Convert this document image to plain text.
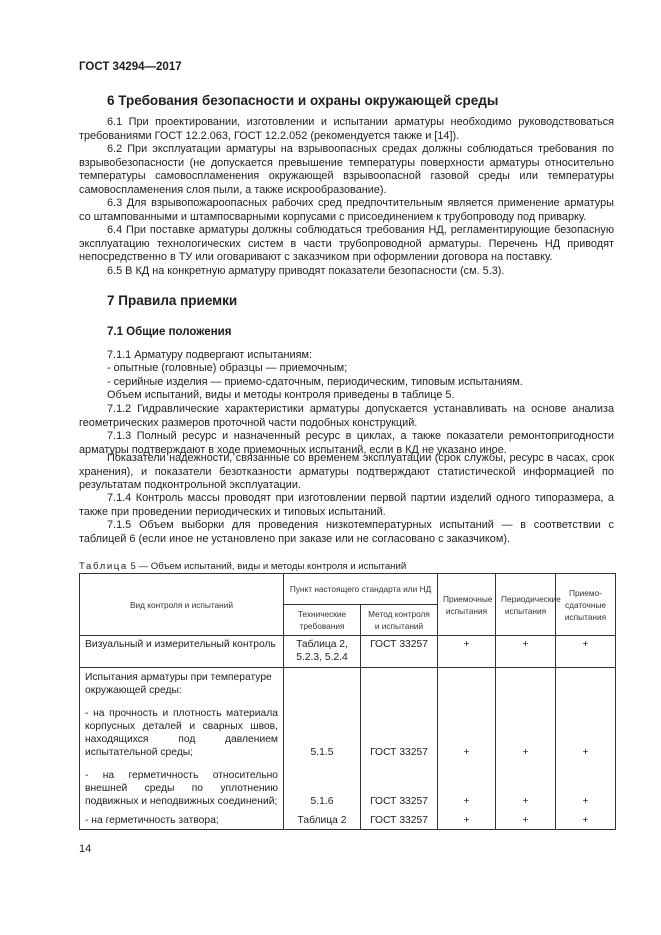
ГОСТ 34294—2017
6 Требования безопасности и охраны окружающей среды

6.1 При проектировании, изготовлении и испытании арматуры необходимо руководствоваться требованиями ГОСТ 12.2.063, ГОСТ 12.2.052 (рекомендуется также и [14]).

6.2 При эксплуатации арматуры на взрывоопасных средах должны соблюдаться требования по взрывобезопасности (не допускается превышение температуры поверхности арматуры относительно температуры самовоспламенения окружающей взрывоопасной газовой среды или температуры самовоспламенения слоя пыли, а также искрообразование).

6.3 Для взрывопожароопасных рабочих сред предпочтительным является применение арматуры со штампованными и штампосварными корпусами с присоединением к трубопроводу под приварку.

6.4 При поставке арматуры должны соблюдаться требования НД, регламентирующие безопасную эксплуатацию технологических систем в части трубопроводной арматуры. Перечень НД приводят непосредственно в ТУ или оговаривают с заказчиком при оформлении договора на поставку.

6.5 В КД на конкретную арматуру приводят показатели безопасности (см. 5.3).

7 Правила приемки
7.1 Общие положения
7.1.1 Арматуру подвергают испытаниям:
- опытные (головные) образцы — приемочным;
- серийные изделия — приемо-сдаточным, периодическим, типовым испытаниям.
Объем испытаний, виды и методы контроля приведены в таблице 5.

7.1.2 Гидравлические характеристики арматуры допускается устанавливать на основе анализа геометрических размеров проточной части подобных конструкций.

7.1.3 Полный ресурс и назначенный ресурс в циклах, а также показатели ремонтопригодности арматуры подтверждают в ходе приемочных испытаний, если в КД не указано иное.

Показатели надежности, связанные со временем эксплуатации (срок службы, ресурс в часах, срок хранения), и показатели безотказности арматуры подтверждают статистической информацией по результатам подконтрольной эксплуатации.

7.1.4 Контроль массы проводят при изготовлении первой партии изделий одного типоразмера, а также при проведении периодических и типовых испытаний.

7.1.5 Объем выборки для проведения низкотемпературных испытаний — в соответствии с таблицей 6 (если иное не установлено при заказе или не согласовано с заказчиком).

Таблица 5 — Объем испытаний, виды и методы контроля и испытаний
Вид контроля и испытаний	Пункт настоящего стандарта или НД		Приемочные испытания	Периодические испытания	Приемо-сдаточные испытания
	Технические требования	Метод контроля и испытаний			
Визуальный и измерительный контроль	Таблица 2, 5.2.3, 5.2.4	ГОСТ 33257	+	+	+
Испытания арматуры при температуре окружающей среды:					
- на прочность и плотность материала корпусных деталей и сварных швов, находящихся под давлением испытательной среды;	5.1.5	ГОСТ 33257	+	+	+
- на герметичность относительно внешней среды по уплотнению подвижных и неподвижных соединений;	5.1.6	ГОСТ 33257	+	+	+
- на герметичность затвора;	Таблица 2	ГОСТ 33257	+	+	+
14
